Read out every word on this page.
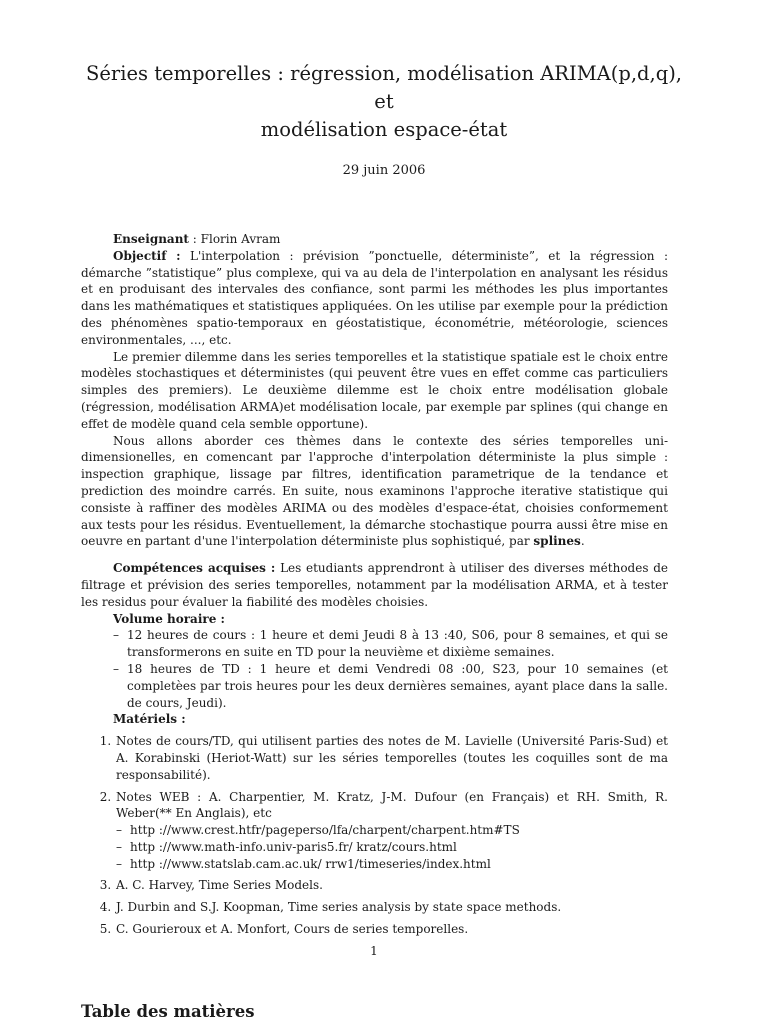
Séries temporelles : régression, modélisation ARIMA(p,d,q), et
modélisation espace-état
29 juin 2006

Enseignant : Florin Avram

Objectif : L'interpolation : prévision ”ponctuelle, déterministe”, et la régression : démarche ”statistique” plus complexe, qui va au dela de l'interpolation en analysant les résidus et en produisant des intervales des confiance, sont parmi les méthodes les plus importantes dans les mathématiques et statistiques appliquées. On les utilise par exemple pour la prédiction des phénomènes spatio-temporaux en géostatistique, économétrie, météorologie, sciences environmentales, ..., etc.

Le premier dilemme dans les series temporelles et la statistique spatiale est le choix entre modèles stochastiques et déterministes (qui peuvent être vues en effet comme cas particuliers simples des premiers). Le deuxième dilemme est le choix entre modélisation globale (régression, modélisation ARMA)et modélisation locale, par exemple par splines (qui change en effet de modèle quand cela semble opportune).

Nous allons aborder ces thèmes dans le contexte des séries temporelles uni-dimensionelles, en comencant par l'approche d'interpolation déterministe la plus simple : inspection graphique, lissage par filtres, identification parametrique de la tendance et prediction des moindre carrés. En suite, nous examinons l'approche iterative statistique qui consiste à raffiner des modèles ARIMA ou des modèles d'espace-état, choisies conformement aux tests pour les résidus. Eventuellement, la démarche stochastique pourra aussi être mise en oeuvre en partant d'une l'interpolation déterministe plus sophistiqué, par splines.

Compétences acquises : Les etudiants apprendront à utiliser des diverses méthodes de filtrage et prévision des series temporelles, notamment par la modélisation ARMA, et à tester les residus pour évaluer la fiabilité des modèles choisies.

Volume horaire :

– 12 heures de cours : 1 heure et demi Jeudi 8 à 13 :40, S06, pour 8 semaines, et qui se transformerons en suite en TD pour la neuvième et dixième semaines.
– 18 heures de TD : 1 heure et demi Vendredi 08 :00, S23, pour 10 semaines (et completèes par trois heures pour les deux dernières semaines, ayant place dans la salle. de cours, Jeudi).

Matériels :

1. Notes de cours/TD, qui utilisent parties des notes de M. Lavielle (Université Paris-Sud) et A. Korabinski (Heriot-Watt) sur les séries temporelles (toutes les coquilles sont de ma responsabilité).
2. Notes WEB : A. Charpentier, M. Kratz, J-M. Dufour (en Français) et RH. Smith, R. Weber(** En Anglais), etc
– http ://www.crest.htfr/pageperso/lfa/charpent/charpent.htm#TS
– http ://www.math-info.univ-paris5.fr/ kratz/cours.html
– http ://www.statslab.cam.ac.uk/ rrw1/timeseries/index.html
3. A. C. Harvey, Time Series Models.
4. J. Durbin and S.J. Koopman, Time series analysis by state space methods.
5. C. Gourieroux et A. Monfort, Cours de series temporelles.
1
Table des matières
